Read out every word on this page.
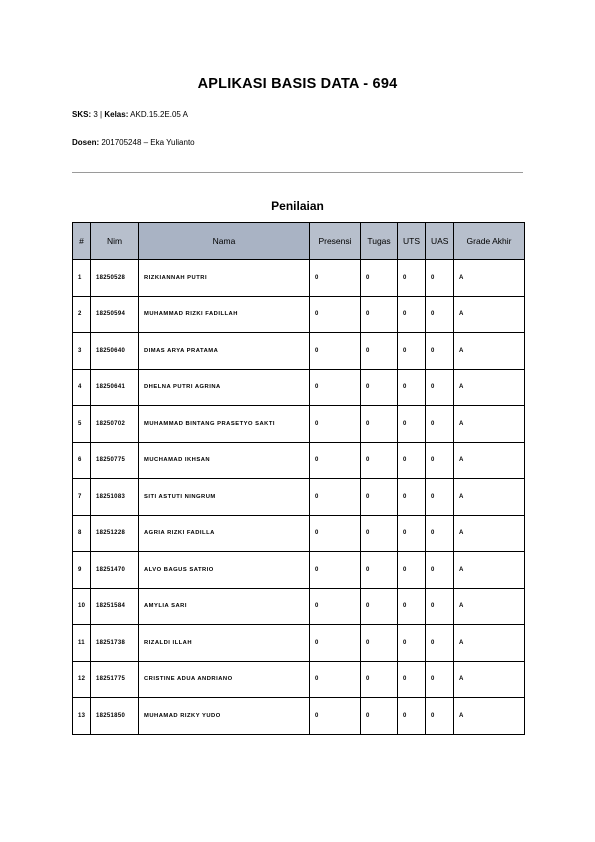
APLIKASI BASIS DATA - 694
SKS: 3 | Kelas: AKD.15.2E.05 A
Dosen: 201705248 – Eka Yulianto
Penilaian
#	Nim	Nama	Presensi	Tugas	UTS	UAS	Grade Akhir
1	18250528	RIZKIANNAH PUTRI	0	0	0	0	A
2	18250594	MUHAMMAD RIZKI FADILLAH	0	0	0	0	A
3	18250640	DIMAS ARYA PRATAMA	0	0	0	0	A
4	18250641	DHELNA PUTRI AGRINA	0	0	0	0	A
5	18250702	MUHAMMAD BINTANG PRASETYO SAKTI	0	0	0	0	A
6	18250775	MUCHAMAD IKHSAN	0	0	0	0	A
7	18251083	SITI ASTUTI NINGRUM	0	0	0	0	A
8	18251228	AGRIA RIZKI FADILLA	0	0	0	0	A
9	18251470	ALVO BAGUS SATRIO	0	0	0	0	A
10	18251584	AMYLIA SARI	0	0	0	0	A
11	18251738	RIZALDI ILLAH	0	0	0	0	A
12	18251775	CRISTINE ADUA ANDRIANO	0	0	0	0	A
13	18251850	MUHAMAD RIZKY YUDO	0	0	0	0	A
